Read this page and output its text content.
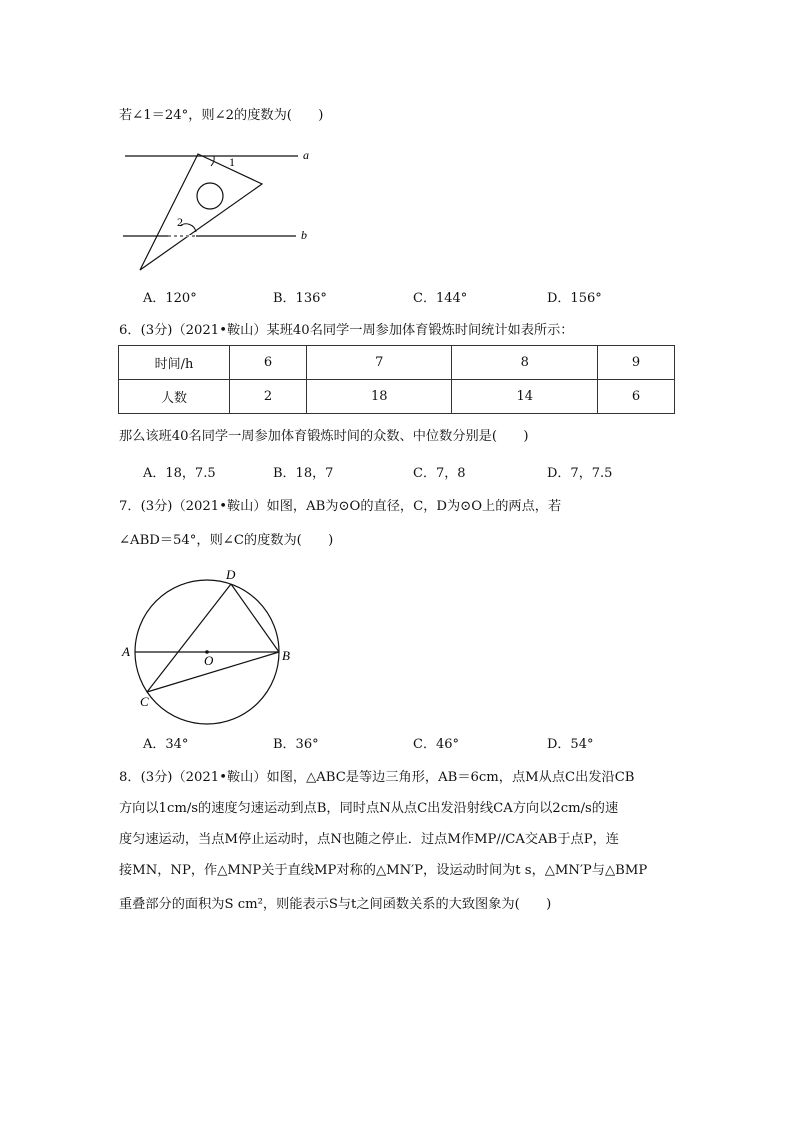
若∠1＝24°，则∠2的度数为(　　)
a
b
1
2
A．120°	B．136°	C．144°	D．156°
6．(3分)（2021•鞍山）某班40名同学一周参加体育锻炼时间统计如表所示：
时间/h	6	7	8	9
人数	2	18	14	6
那么该班40名同学一周参加体育锻炼时间的众数、中位数分别是(　　)
A．18，7.5	B．18，7	C．7，8	D．7，7.5
7．(3分)（2021•鞍山）如图，AB为⊙O的直径，C，D为⊙O上的两点，若
∠ABD＝54°，则∠C的度数为(　　)
A	B
C
D
O
A．34°	B．36°	C．46°	D．54°
8．(3分)（2021•鞍山）如图，△ABC是等边三角形，AB＝6cm，点M从点C出发沿CB
方向以1cm/s的速度匀速运动到点B，同时点N从点C出发沿射线CA方向以2cm/s的速
度匀速运动，当点M停止运动时，点N也随之停止．过点M作MP//CA交AB于点P，连
接MN，NP，作△MNP关于直线MP对称的△MN′P，设运动时间为t s，△MN′P与△BMP
重叠部分的面积为S cm²，则能表示S与t之间函数关系的大致图象为(　　)
